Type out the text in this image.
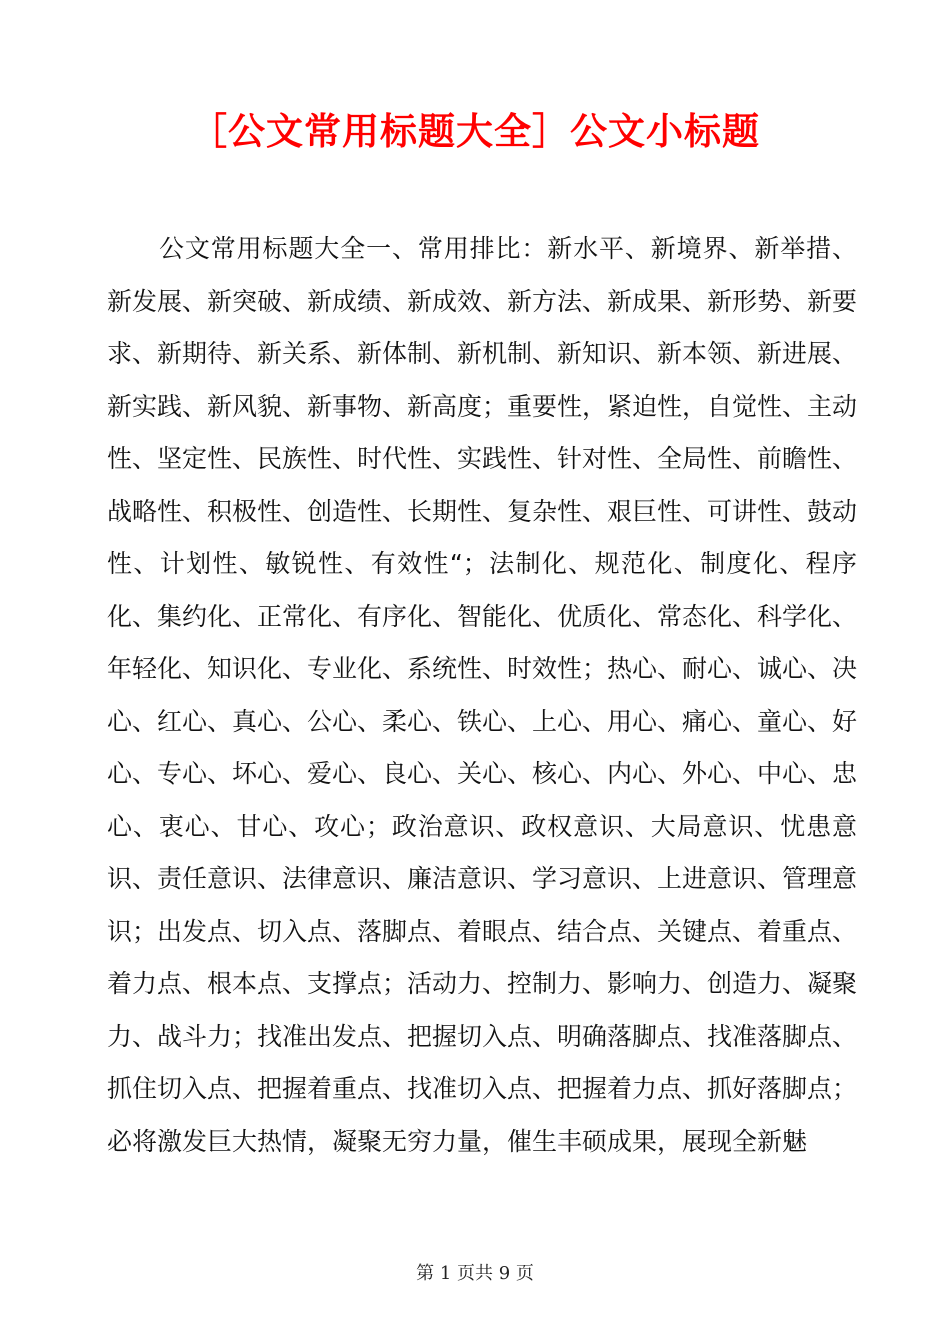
［公文常用标题大全］公文小标题

公文常用标题大全一、常用排比：新水平、新境界、新举措、新发展、新突破、新成绩、新成效、新方法、新成果、新形势、新要求、新期待、新关系、新体制、新机制、新知识、新本领、新进展、新实践、新风貌、新事物、新高度；重要性，紧迫性，自觉性、主动性、坚定性、民族性、时代性、实践性、针对性、全局性、前瞻性、战略性、积极性、创造性、长期性、复杂性、艰巨性、可讲性、鼓动性、计划性、敏锐性、有效性“；法制化、规范化、制度化、程序化、集约化、正常化、有序化、智能化、优质化、常态化、科学化、年轻化、知识化、专业化、系统性、时效性；热心、耐心、诚心、决心、红心、真心、公心、柔心、铁心、上心、用心、痛心、童心、好心、专心、坏心、爱心、良心、关心、核心、内心、外心、中心、忠心、衷心、甘心、攻心；政治意识、政权意识、大局意识、忧患意识、责任意识、法律意识、廉洁意识、学习意识、上进意识、管理意识；出发点、切入点、落脚点、着眼点、结合点、关键点、着重点、着力点、根本点、支撑点；活动力、控制力、影响力、创造力、凝聚力、战斗力；找准出发点、把握切入点、明确落脚点、找准落脚点、抓住切入点、把握着重点、找准切入点、把握着力点、抓好落脚点；必将激发巨大热情，凝聚无穷力量，催生丰硕成果，展现全新魅

第 1 页共 9 页
